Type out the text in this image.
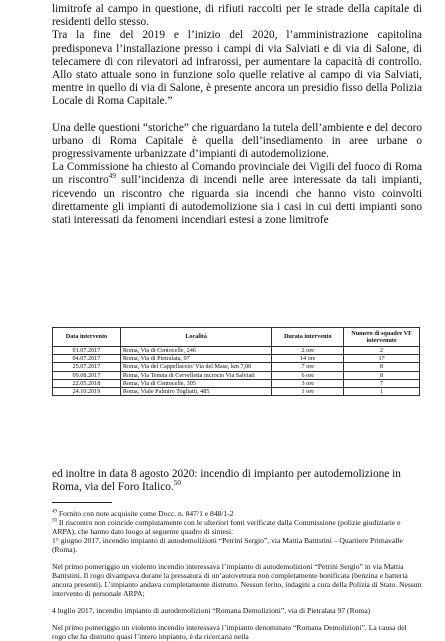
limitrofe al campo in questione, di rifiuti raccolti per le strade della capitale di residenti dello stesso.

Tra la fine del 2019 e l’inizio del 2020, l’amministrazione capitolina predisponeva l’installazione presso i campi di via Salviati e di via di Salone, di telecamere di con rilevatori ad infrarossi, per aumentare la capacità di controllo. Allo stato attuale sono in funzione solo quelle relative al campo di via Salviati, mentre in quello di via di Salone, è presente ancora un presidio fisso della Polizia Locale di Roma Capitale.”

Una delle questioni “storiche” che riguardano la tutela dell’ambiente e del decoro urbano di Roma Capitale è quella dell’insediamento in aree urbane o progressivamente urbanizzate d’impianti di autodemolizione.

La Commissione ha chiesto al Comando provinciale dei Vigili del fuoco di Roma un riscontro$^{49}$ sull’incidenza di incendi nelle aree interessate da tali impianti, ricevendo un riscontro che riguarda sia incendi che hanno visto coinvolti direttamente gli impianti di autodemolizione sia i casi in cui detti impianti sono stati interessati da fenomeni incendiari estesi a zone limitrofe

Data intervento	Località	Durata intervento	Numero di squadre VF intervenute
01.07.2017	Roma, Via di Centocelle, 246	2 ore	2
04.07.2017	Roma, Via di Pietralata, 97	14 ore	17
25.07.2017	Roma, Via del Cappellaccio/ Via del Mase, km 7,00	7 ore	8
09.08.2017	Roma, Via Tenuta di Cervelletta incrocio Via Salviati	6 ore	8
22.05.2018	Roma, Via di Centocelle, 305	3 ore	7
24.10.2019	Roma, Viale Palmiro Togliatti, 485	1 ore	1

ed inoltre in data 8 agosto 2020: incendio di impianto per autodemolizione in Roma, via del Foro Italico.$^{50}$

$^{49}$ Fornito con note acquisite come Docc. n. 847/1 e 848/1-2

$^{50}$ Il riscontro non coincide compiutamente con le ulteriori fonti verificate dalla Commissione (polizie giudiziarie e ARPA), che hanno dato luogo al seguente quadro di sintesi:

1° giugno 2017, incendio impianto di autodemolizioni “Petrini Sergio”, via Mattia Battistini – Quartiere Primavalle (Roma).

Nel primo pomeriggio un violento incendio interessava l’impianto di autodemolizioni “Petrini Sergio” in via Mattia Battistini. Il rogo divampava durane la pressatura di un’autovettura non completamente bonificata (benzina e batteria ancora presenti). L’impianto andava completamente distrutto. Nessun ferito, indagini a cura della Polizia di Stato. Nessun intervento di personale ARPA;

4 luglio 2017, incendio impianto di autodemolizioni “Romana Demolizioni”, via di Pietralata 97 (Roma)

Nel primo pomeriggio un violento incendio interessava l’impianto denominato “Romana Demolizioni”. La causa del rogo che ha distrutto quasi l’intero impianto, è da ricercarsi nella
